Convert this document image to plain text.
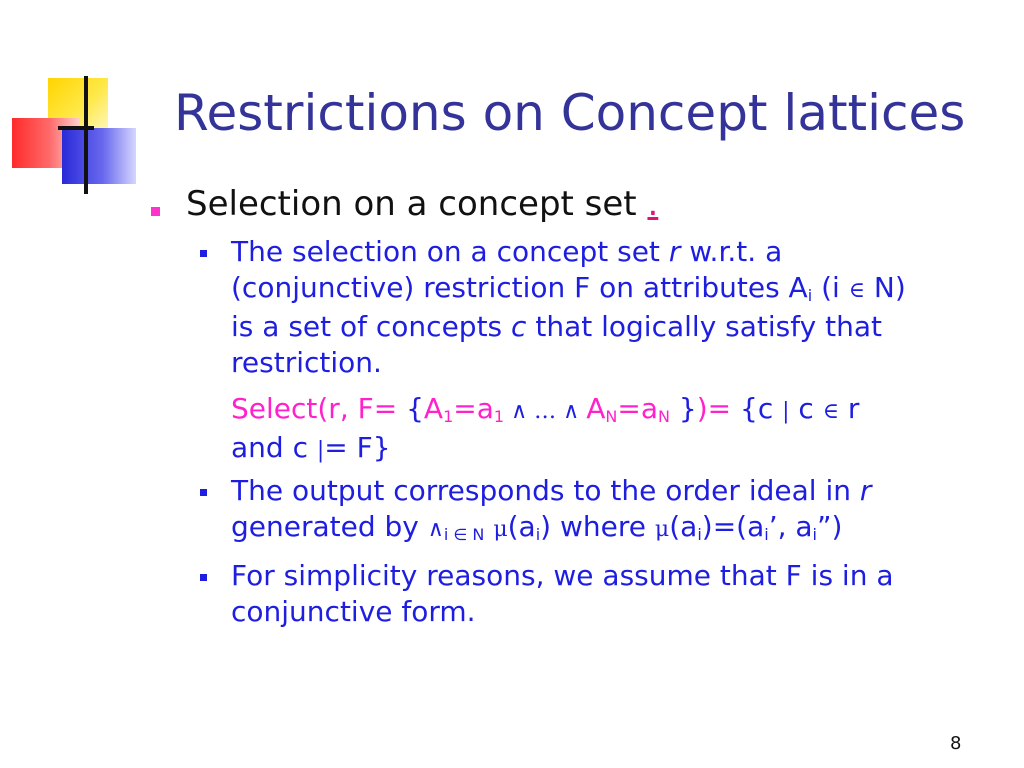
Restrictions on Concept lattices
Selection on a concept set .
The selection on a concept set r w.r.t. a
(conjunctive) restriction F on attributes $A_i$ (i ∈ N)
is a set of concepts c that logically satisfy that
restriction.
Select(r, $F= \{A_1=a_1$ ∧ … ∧ $A_N=a_N$ })= {c | c ∈ r
and c |= F}
The output corresponds to the order ideal in r
generated by $\wedge_{i \in N}$ $\mu(a_i)$ where $\mu(a_i)=(a_i$’, $a_i$”)
For simplicity reasons, we assume that F is in a
conjunctive form.
8
